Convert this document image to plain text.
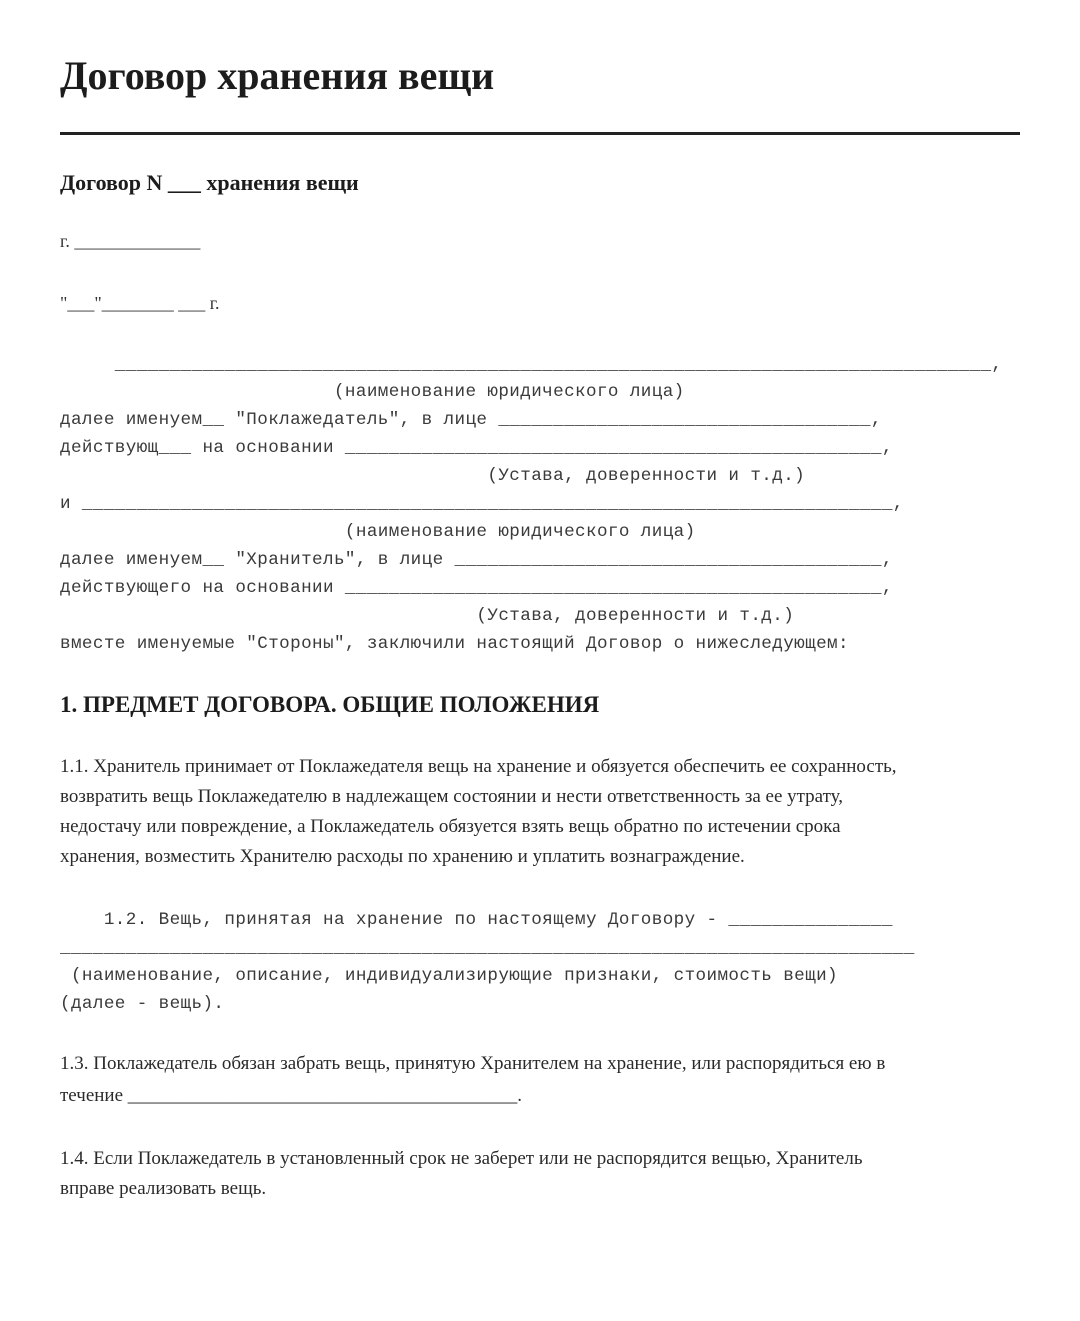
Договор хранения вещи
Договор N ___ хранения вещи
г. ______________
"___"________ ___ г.
________________________________________________________________________________,
(наименование юридического лица)
далее именуем__ "Поклажедатель", в лице __________________________________,
действующ___ на основании _________________________________________________,
(Устава, доверенности и т.д.)
и __________________________________________________________________________,
(наименование юридического лица)
далее именуем__ "Хранитель", в лице _______________________________________,
действующего на основании _________________________________________________,
(Устава, доверенности и т.д.)
вместе именуемые "Стороны", заключили настоящий Договор о нижеследующем:
1. ПРЕДМЕТ ДОГОВОРА. ОБЩИЕ ПОЛОЖЕНИЯ
1.1. Хранитель принимает от Поклажедателя вещь на хранение и обязуется обеспечить ее сохранность,
возвратить вещь Поклажедателю в надлежащем состоянии и нести ответственность за ее утрату,
недостачу или повреждение, а Поклажедатель обязуется взять вещь обратно по истечении срока
хранения, возместить Хранителю расходы по хранению и уплатить вознаграждение.
1.2. Вещь, принятая на хранение по настоящему Договору - _______________
______________________________________________________________________________
(наименование, описание, индивидуализирующие признаки, стоимость вещи)
(далее - вещь).
1.3. Поклажедатель обязан забрать вещь, принятую Хранителем на хранение, или распорядиться ею в
течение _________________________________________.
1.4. Если Поклажедатель в установленный срок не заберет или не распорядится вещью, Хранитель
вправе реализовать вещь.
